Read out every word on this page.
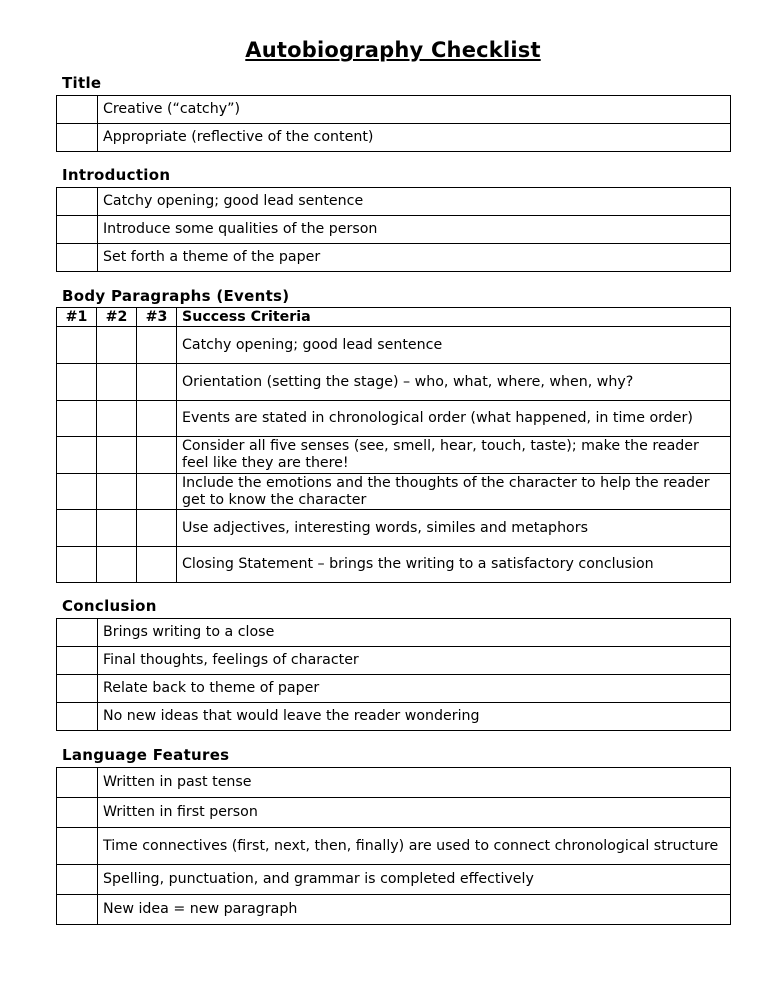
Autobiography Checklist
Title
	Creative (“catchy”)
	Appropriate (reflective of the content)
Introduction
	Catchy opening; good lead sentence
	Introduce some qualities of the person
	Set forth a theme of the paper
Body Paragraphs (Events)
#1	#2	#3	Success Criteria
			Catchy opening; good lead sentence
			Orientation (setting the stage) – who, what, where, when, why?
			Events are stated in chronological order (what happened, in time order)
			Consider all five senses (see, smell, hear, touch, taste); make the reader feel like they are there!
			Include the emotions and the thoughts of the character to help the reader get to know the character
			Use adjectives, interesting words, similes and metaphors
			Closing Statement – brings the writing to a satisfactory conclusion
Conclusion
	Brings writing to a close
	Final thoughts, feelings of character
	Relate back to theme of paper
	No new ideas that would leave the reader wondering
Language Features
	Written in past tense
	Written in first person
	Time connectives (first, next, then, finally) are used to connect chronological structure
	Spelling, punctuation, and grammar is completed effectively
	New idea = new paragraph
